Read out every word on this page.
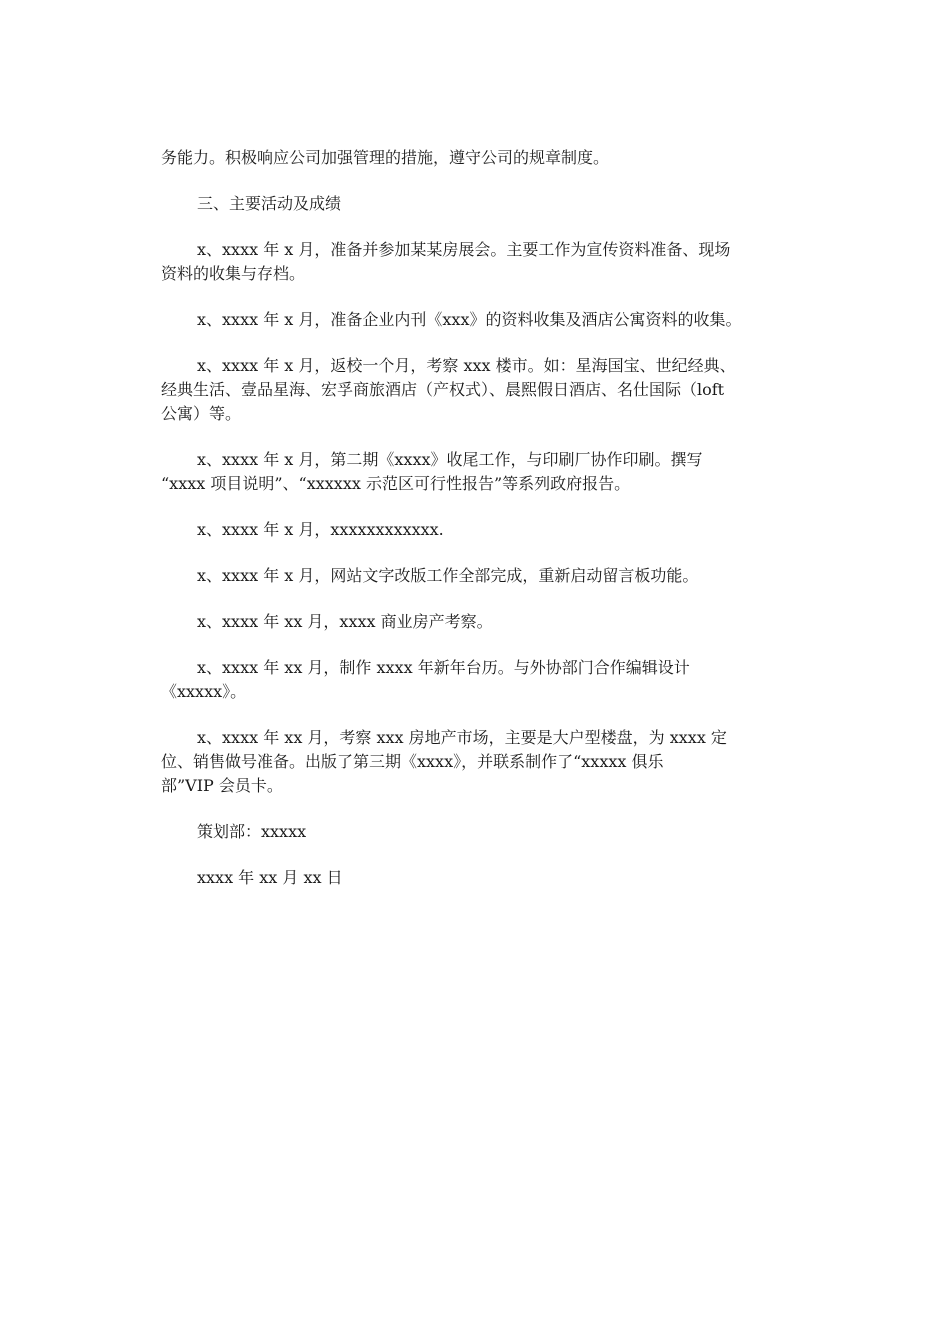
务能力。积极响应公司加强管理的措施，遵守公司的规章制度。
三、主要活动及成绩
x、xxxx 年 x 月，准备并参加某某房展会。主要工作为宣传资料准备、现场
资料的收集与存档。
x、xxxx 年 x 月，准备企业内刊《xxx》的资料收集及酒店公寓资料的收集。
x、xxxx 年 x 月，返校一个月，考察 xxx 楼市。如：星海国宝、世纪经典、
经典生活、壹品星海、宏孚商旅酒店（产权式）、晨熙假日酒店、名仕国际（loft
公寓）等。
x、xxxx 年 x 月，第二期《xxxx》收尾工作，与印刷厂协作印刷。撰写
“xxxx 项目说明”、“xxxxxx 示范区可行性报告”等系列政府报告。
x、xxxx 年 x 月，xxxxxxxxxxxx.
x、xxxx 年 x 月，网站文字改版工作全部完成，重新启动留言板功能。
x、xxxx 年 xx 月，xxxx 商业房产考察。
x、xxxx 年 xx 月，制作 xxxx 年新年台历。与外协部门合作编辑设计
《xxxxx》。
x、xxxx 年 xx 月，考察 xxx 房地产市场，主要是大户型楼盘，为 xxxx 定
位、销售做号准备。出版了第三期《xxxx》，并联系制作了“xxxxx 俱乐
部”VIP 会员卡。
策划部：xxxxx
xxxx 年 xx 月 xx 日
